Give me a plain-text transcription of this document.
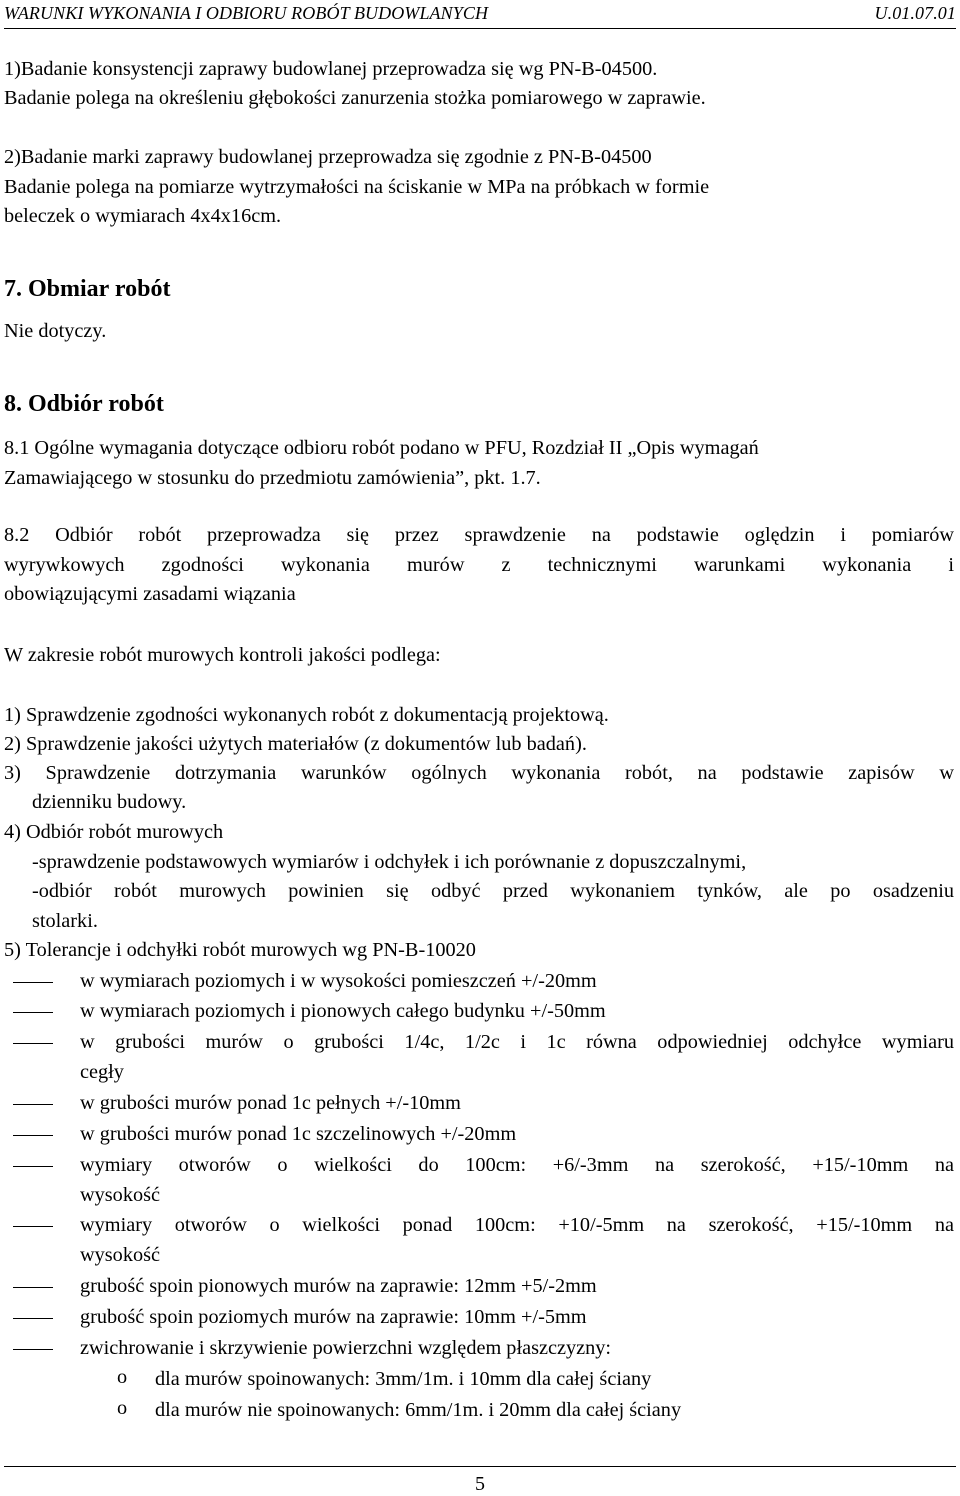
WARUNKI WYKONANIA I ODBIORU ROBÓT BUDOWLANYCH	U.01.07.01
1)Badanie konsystencji zaprawy budowlanej przeprowadza się wg PN-B-04500.
Badanie polega na określeniu głębokości zanurzenia stożka pomiarowego w zaprawie.
2)Badanie marki zaprawy budowlanej przeprowadza się zgodnie z PN-B-04500
Badanie polega na pomiarze wytrzymałości na ściskanie w MPa na próbkach w formie
beleczek o wymiarach 4x4x16cm.
7. Obmiar robót
Nie dotyczy.
8. Odbiór robót
8.1 Ogólne wymagania dotyczące odbioru robót podano w PFU, Rozdział II „Opis wymagań
Zamawiającego w stosunku do przedmiotu zamówienia”, pkt. 1.7.
8.2 Odbiór robót przeprowadza się przez sprawdzenie na podstawie oględzin i pomiarów
wyrywkowych zgodności wykonania murów z technicznymi warunkami wykonania i
obowiązującymi zasadami wiązania
W zakresie robót murowych kontroli jakości podlega:
1) Sprawdzenie zgodności wykonanych robót z dokumentacją projektową.
2) Sprawdzenie jakości użytych materiałów (z dokumentów lub badań).
3) Sprawdzenie dotrzymania warunków ogólnych wykonania robót, na podstawie zapisów w
dzienniku budowy.
4) Odbiór robót murowych
-sprawdzenie podstawowych wymiarów i odchyłek i ich porównanie z dopuszczalnymi,
-odbiór robót murowych powinien się odbyć przed wykonaniem tynków, ale po osadzeniu
stolarki.
5) Tolerancje i odchyłki robót murowych wg PN-B-10020
w wymiarach poziomych i w wysokości pomieszczeń +/-20mm
w wymiarach poziomych i pionowych całego budynku +/-50mm
w grubości murów o grubości 1/4c, 1/2c i 1c równa odpowiedniej odchyłce wymiaru
cegły
w grubości murów ponad 1c pełnych +/-10mm
w grubości murów ponad 1c szczelinowych +/-20mm
wymiary otworów o wielkości do 100cm: +6/-3mm na szerokość, +15/-10mm na
wysokość
wymiary otworów o wielkości ponad 100cm: +10/-5mm na szerokość, +15/-10mm na
wysokość
grubość spoin pionowych murów na zaprawie: 12mm +5/-2mm
grubość spoin poziomych murów na zaprawie: 10mm +/-5mm
zwichrowanie i skrzywienie powierzchni względem płaszczyzny:
o dla murów spoinowanych: 3mm/1m. i 10mm dla całej ściany
o dla murów nie spoinowanych: 6mm/1m. i 20mm dla całej ściany
5
